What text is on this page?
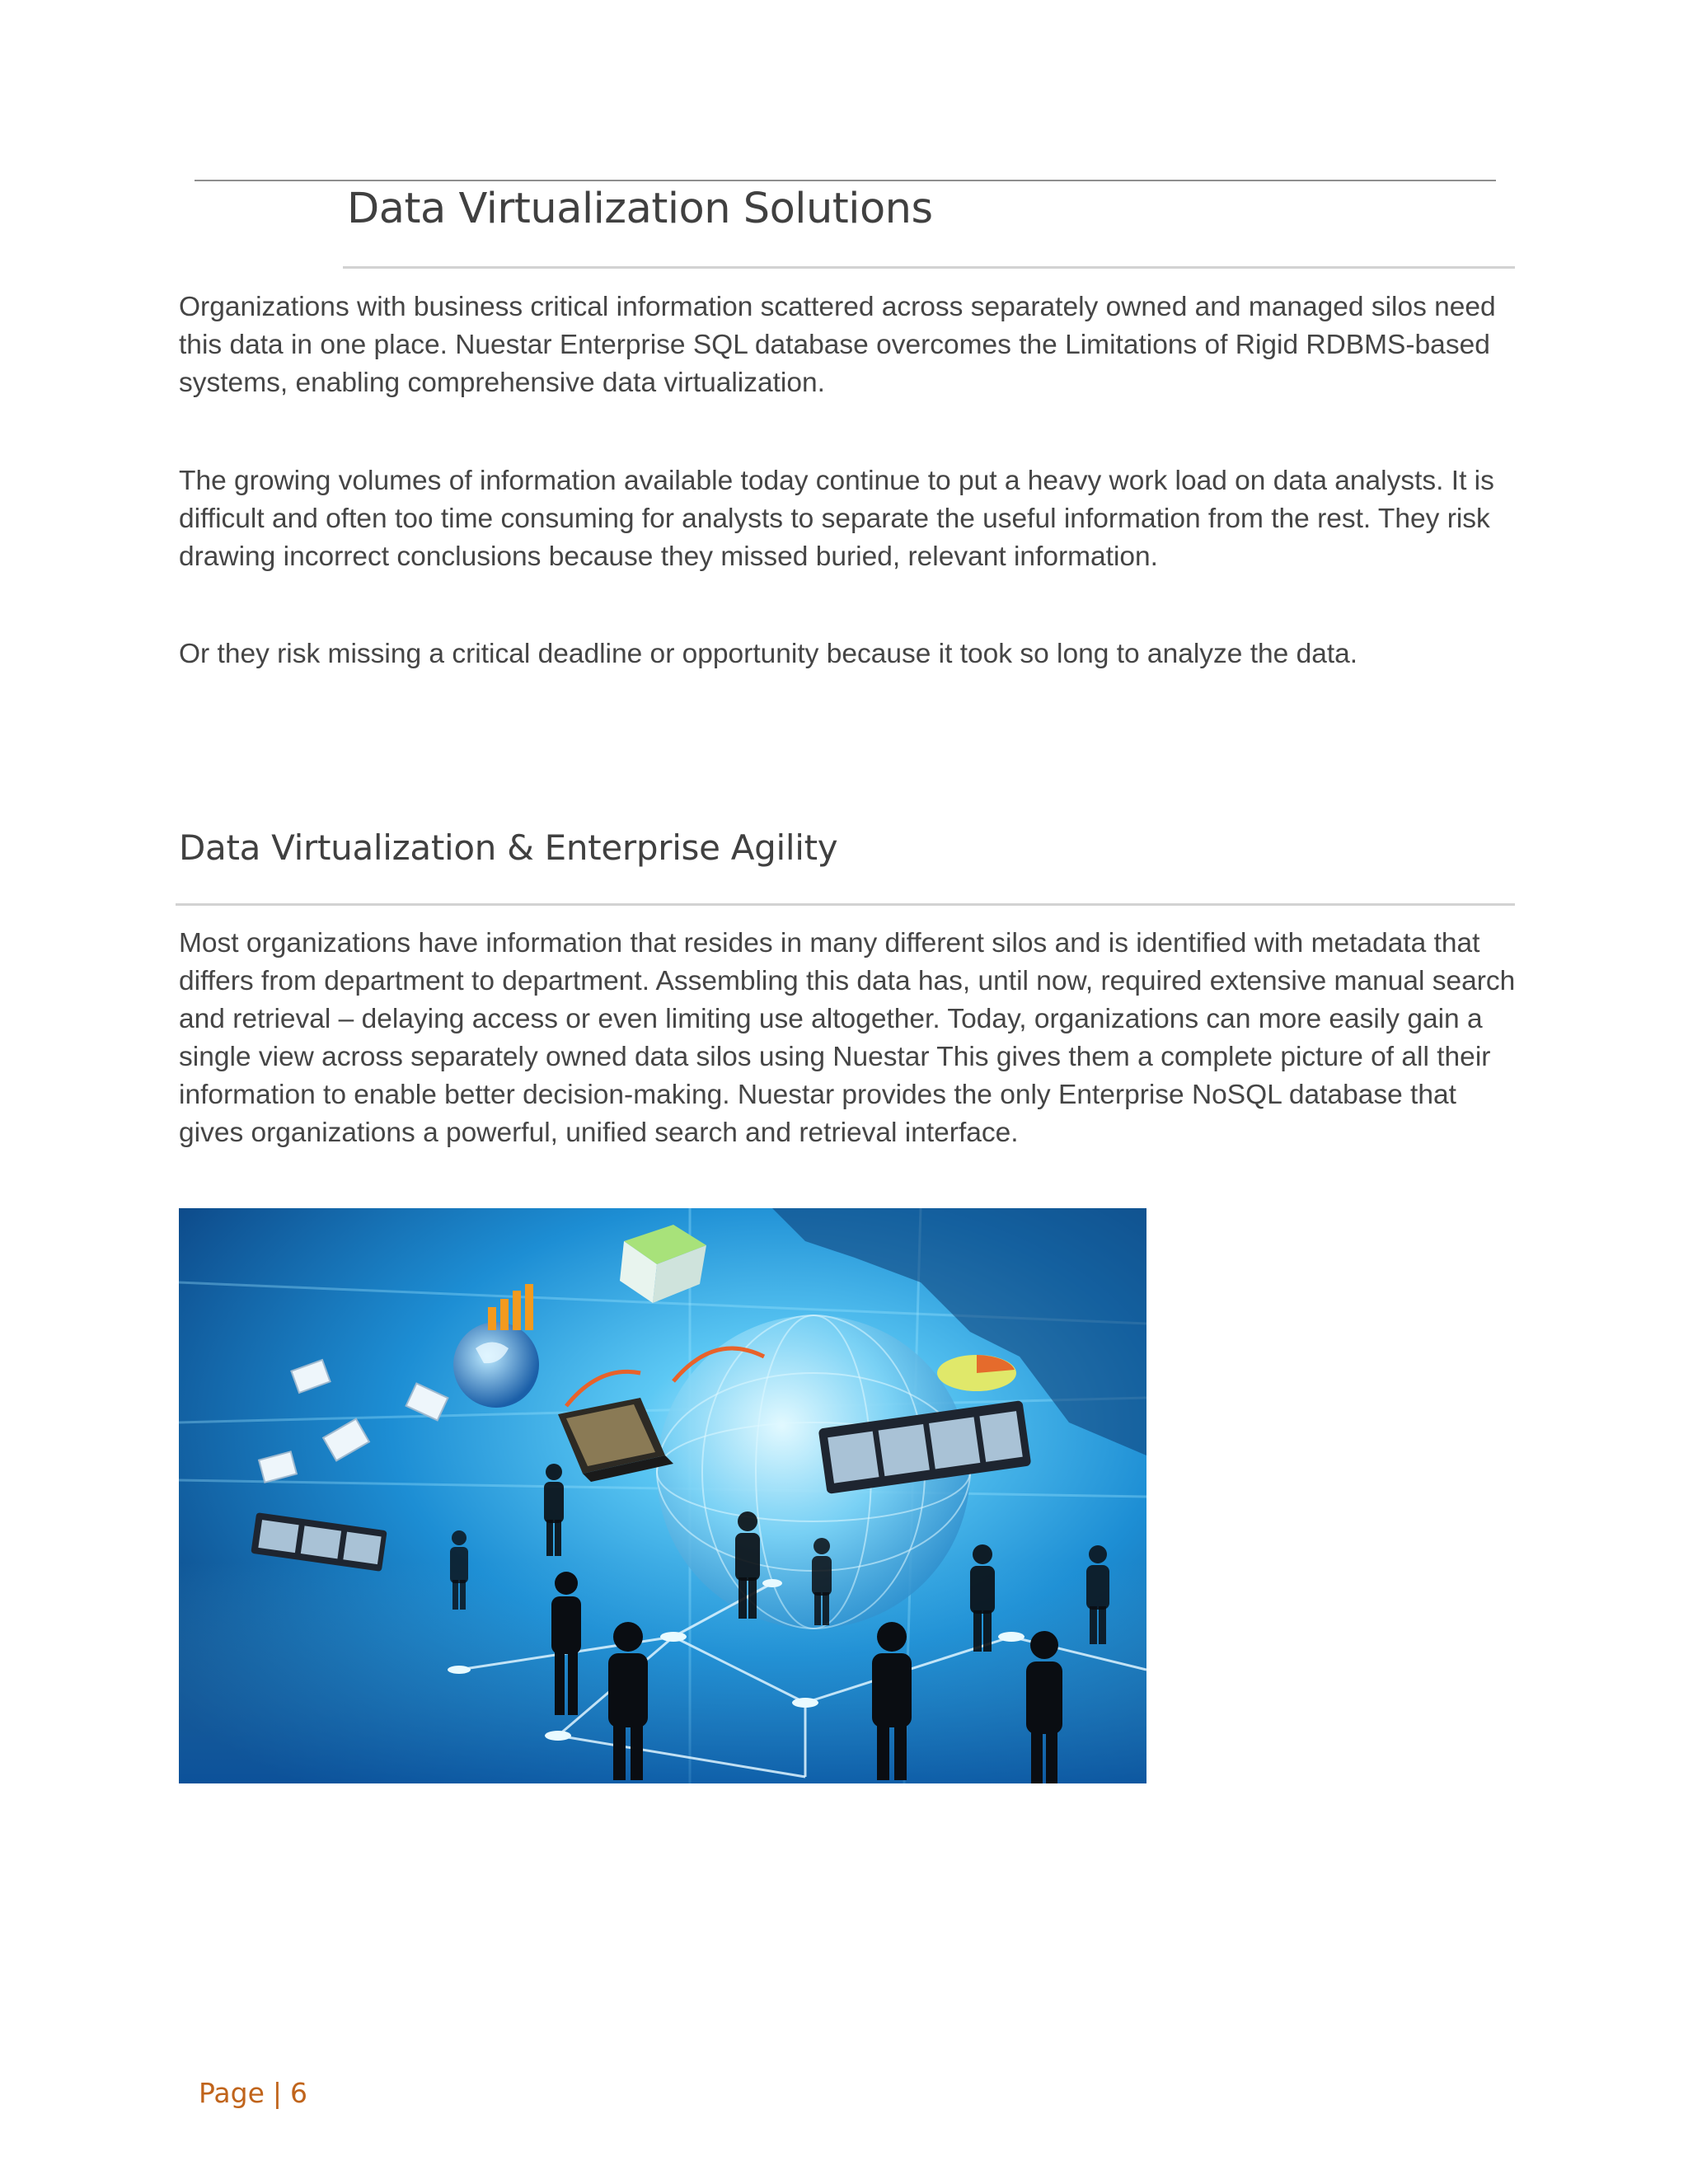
Data Virtualization Solutions

Organizations with business critical information scattered across separately owned and managed silos need this data in one place. Nuestar Enterprise SQL database overcomes the Limitations of Rigid RDBMS-based systems, enabling comprehensive data virtualization.

The growing volumes of information available today continue to put a heavy work load on data analysts. It is difficult and often too time consuming for analysts to separate the useful information from the rest. They risk drawing incorrect conclusions because they missed buried, relevant information.

Or they risk missing a critical deadline or opportunity because it took so long to analyze the data.

Data Virtualization & Enterprise Agility

Most organizations have information that resides in many different silos and is identified with metadata that differs from department to department. Assembling this data has, until now, required extensive manual search and retrieval – delaying access or even limiting use altogether. Today, organizations can more easily gain a single view across separately owned data silos using Nuestar This gives them a complete picture of all their information to enable better decision-making. Nuestar provides the only Enterprise NoSQL database that gives organizations a powerful, unified search and retrieval interface.

Page | 6
